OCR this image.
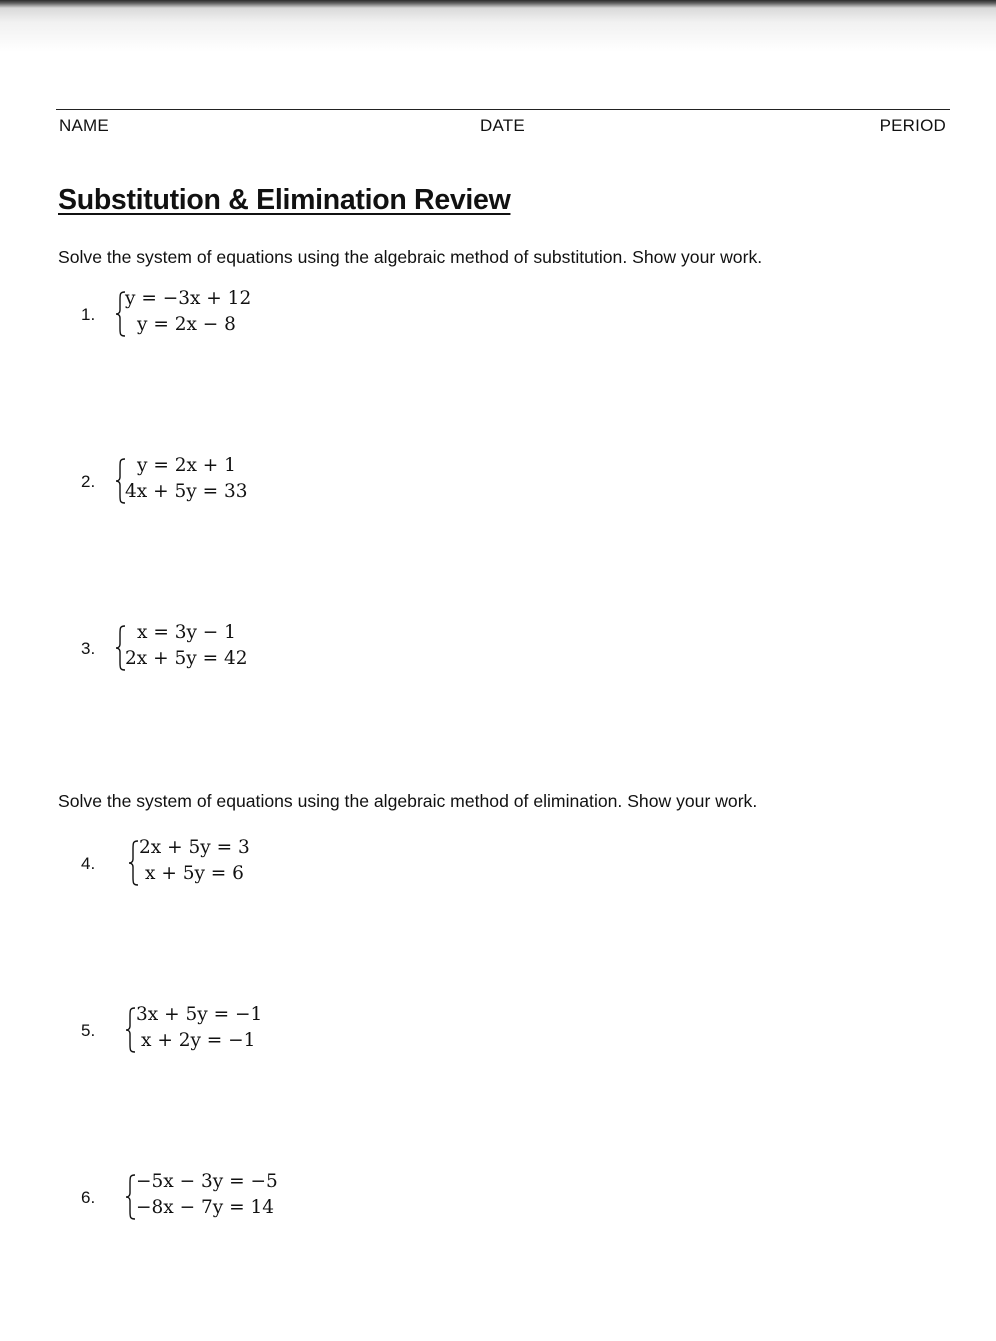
NAME	DATE	PERIOD
Substitution & Elimination Review
Solve the system of equations using the algebraic method of substitution. Show your work.
1.
y = −3x + 12
y = 2x − 8
2.
y = 2x + 1
4x + 5y = 33
3.
x = 3y − 1
2x + 5y = 42
Solve the system of equations using the algebraic method of elimination. Show your work.
4.
2x + 5y = 3
x + 5y = 6
5.
3x + 5y = −1
x + 2y = −1
6.
−5x − 3y = −5
−8x − 7y = 14
